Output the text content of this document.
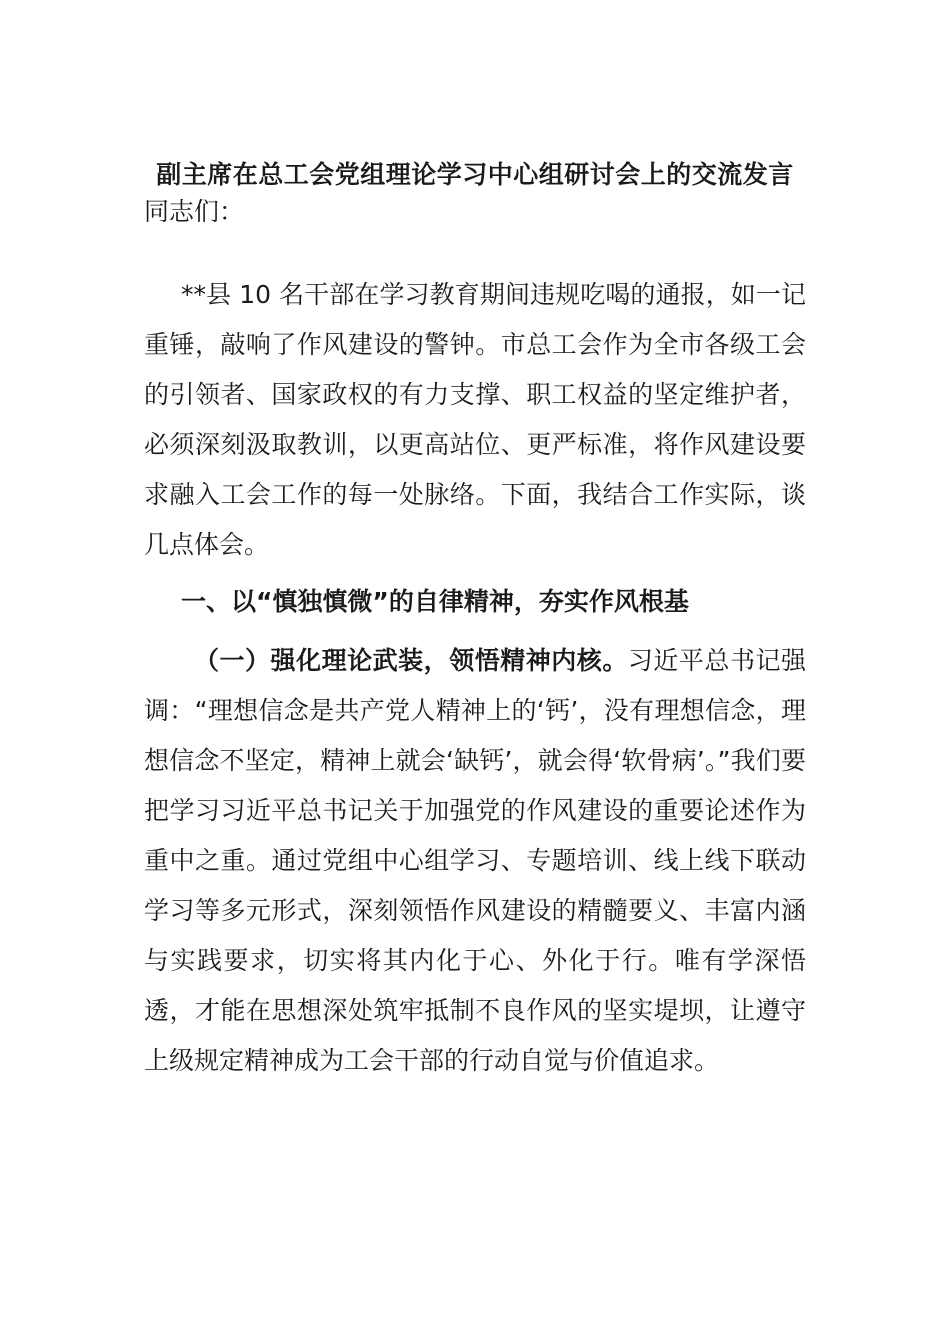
副主席在总工会党组理论学习中心组研讨会上的交流发言

同志们：

**县 10 名干部在学习教育期间违规吃喝的通报，如一记重锤，敲响了作风建设的警钟。市总工会作为全市各级工会的引领者、国家政权的有力支撑、职工权益的坚定维护者，必须深刻汲取教训，以更高站位、更严标准，将作风建设要求融入工会工作的每一处脉络。下面，我结合工作实际，谈几点体会。

一、以“慎独慎微”的自律精神，夯实作风根基

（一）强化理论武装，领悟精神内核。习近平总书记强调：“理想信念是共产党人精神上的‘钙’，没有理想信念，理想信念不坚定，精神上就会‘缺钙’，就会得‘软骨病’。”我们要把学习习近平总书记关于加强党的作风建设的重要论述作为重中之重。通过党组中心组学习、专题培训、线上线下联动学习等多元形式，深刻领悟作风建设的精髓要义、丰富内涵与实践要求，切实将其内化于心、外化于行。唯有学深悟透，才能在思想深处筑牢抵制不良作风的坚实堤坝，让遵守上级规定精神成为工会干部的行动自觉与价值追求。
